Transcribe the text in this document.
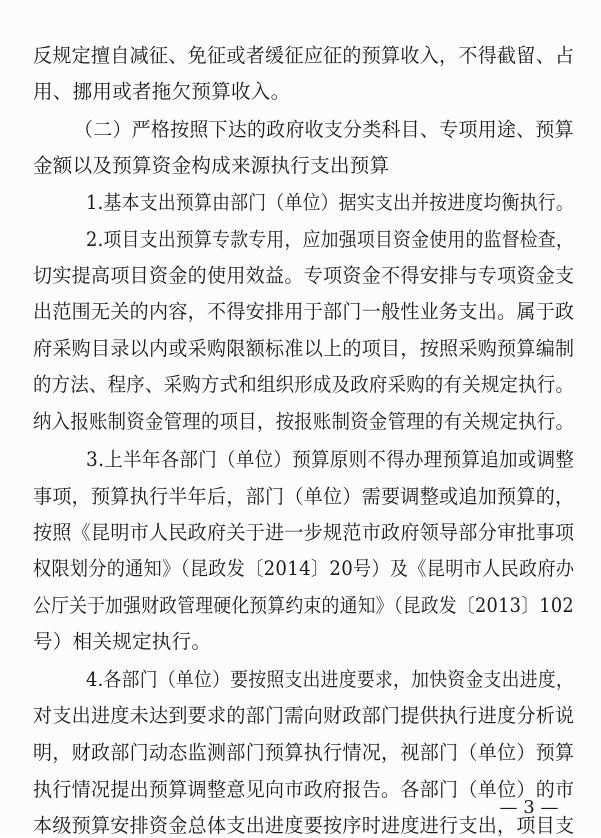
反规定擅自减征、免征或者缓征应征的预算收入，不得截留、占
用、挪用或者拖欠预算收入。
（二）严格按照下达的政府收支分类科目、专项用途、预算
金额以及预算资金构成来源执行支出预算
1.基本支出预算由部门（单位）据实支出并按进度均衡执行。
2.项目支出预算专款专用，应加强项目资金使用的监督检查，
切实提高项目资金的使用效益。专项资金不得安排与专项资金支
出范围无关的内容，不得安排用于部门一般性业务支出。属于政
府采购目录以内或采购限额标准以上的项目，按照采购预算编制
的方法、程序、采购方式和组织形成及政府采购的有关规定执行。
纳入报账制资金管理的项目，按报账制资金管理的有关规定执行。
3.上半年各部门（单位）预算原则不得办理预算追加或调整
事项，预算执行半年后，部门（单位）需要调整或追加预算的，
按照《昆明市人民政府关于进一步规范市政府领导部分审批事项
权限划分的通知》（昆政发〔2014〕20号）及《昆明市人民政府办
公厅关于加强财政管理硬化预算约束的通知》（昆政发〔2013〕102
号）相关规定执行。
4.各部门（单位）要按照支出进度要求，加快资金支出进度，
对支出进度未达到要求的部门需向财政部门提供执行进度分析说
明，财政部门动态监测部门预算执行情况，视部门（单位）预算
执行情况提出预算调整意见向市政府报告。各部门（单位）的市
本级预算安排资金总体支出进度要按序时进度进行支出，项目支
— 3 —
